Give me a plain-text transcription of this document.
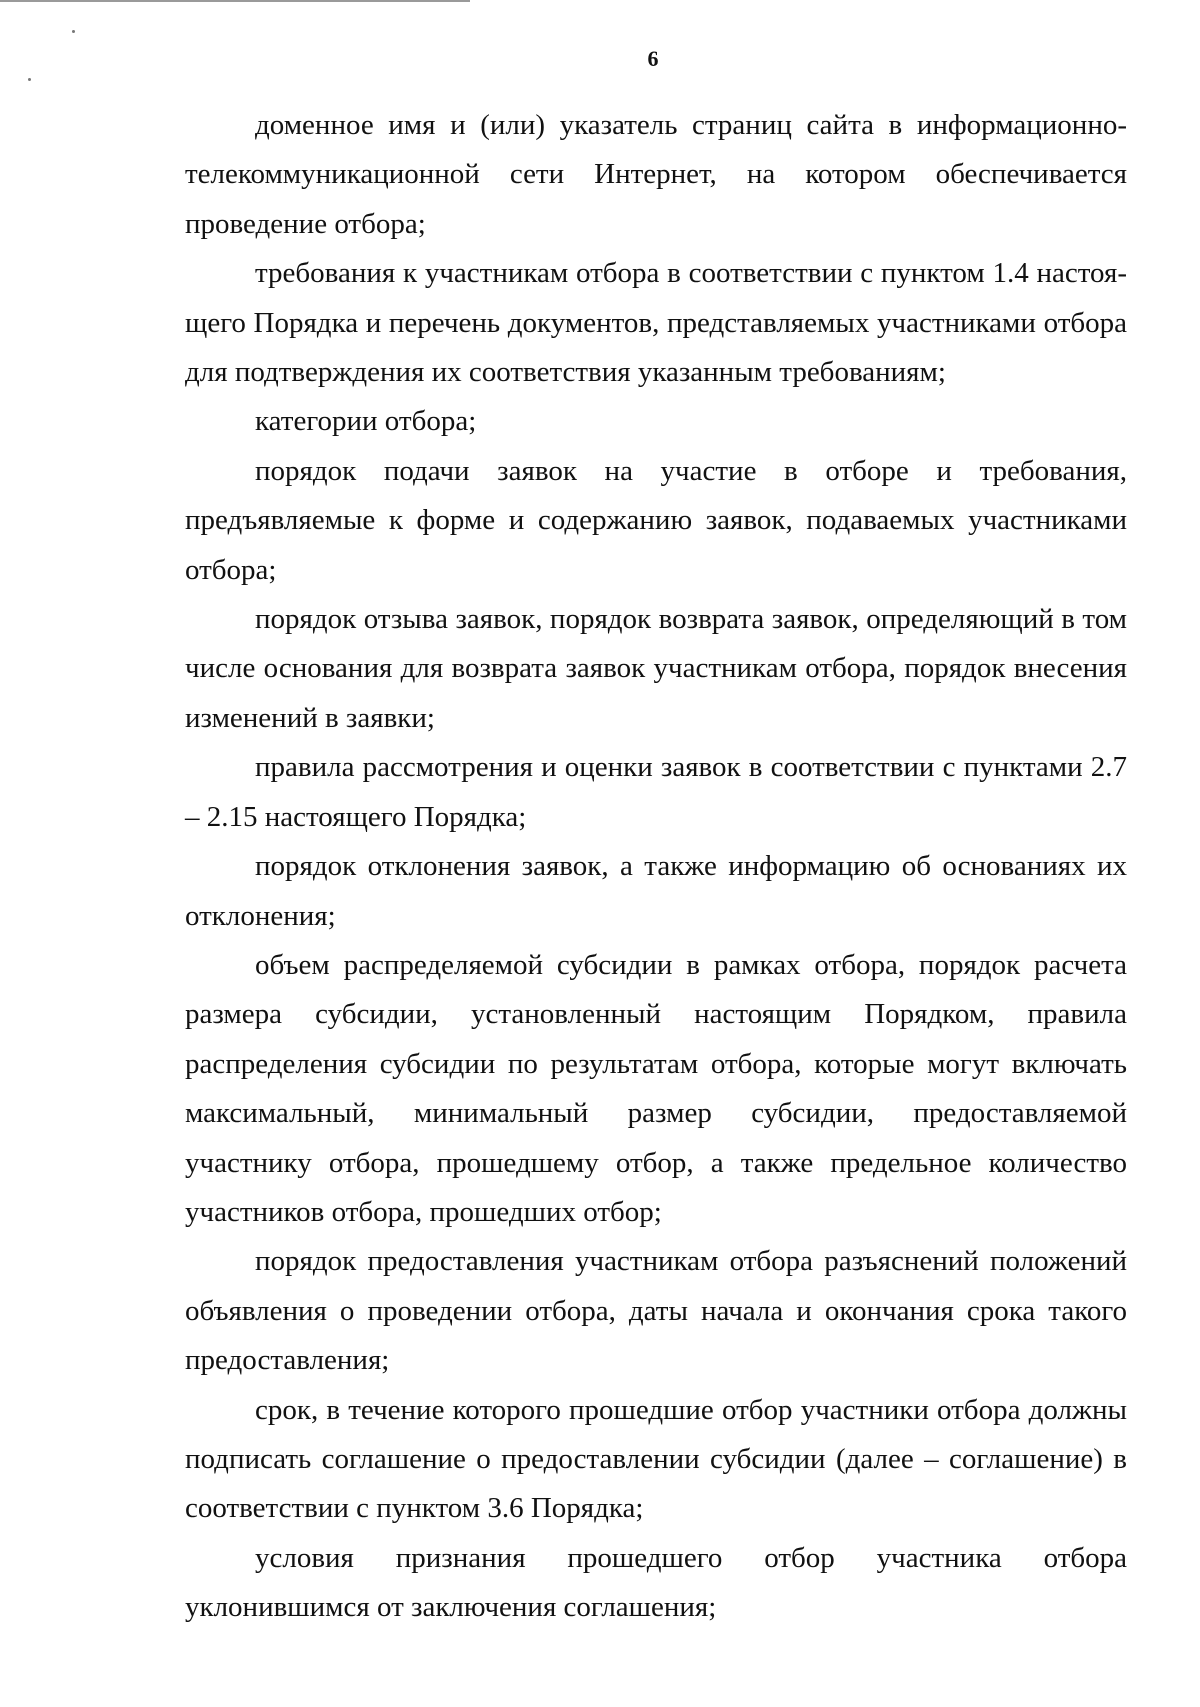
6

доменное имя и (или) указатель страниц сайта в информационно-телекоммуникационной сети Интернет, на котором обеспечивается проведение отбора;

требования к участникам отбора в соответствии с пунктом 1.4 настоящего Порядка и перечень документов, представляемых участниками отбора для подтверждения их соответствия указанным требованиям;

категории отбора;

порядок подачи заявок на участие в отборе и требования, предъявляемые к форме и содержанию заявок, подаваемых участниками отбора;

порядок отзыва заявок, порядок возврата заявок, определяющий в том числе основания для возврата заявок участникам отбора, порядок внесения изменений в заявки;

правила рассмотрения и оценки заявок в соответствии с пунктами 2.7 – 2.15 настоящего Порядка;

порядок отклонения заявок, а также информацию об основаниях их отклонения;

объем распределяемой субсидии в рамках отбора, порядок расчета размера субсидии, установленный настоящим Порядком, правила распределения субсидии по результатам отбора, которые могут включать максимальный, минимальный размер субсидии, предоставляемой участнику отбора, прошедшему отбор, а также предельное количество участников отбора, прошедших отбор;

порядок предоставления участникам отбора разъяснений положений объявления о проведении отбора, даты начала и окончания срока такого предоставления;

срок, в течение которого прошедшие отбор участники отбора должны подписать соглашение о предоставлении субсидии (далее – соглашение) в соответствии с пунктом 3.6 Порядка;

условия признания прошедшего отбор участника отбора уклонившимся от заключения соглашения;
